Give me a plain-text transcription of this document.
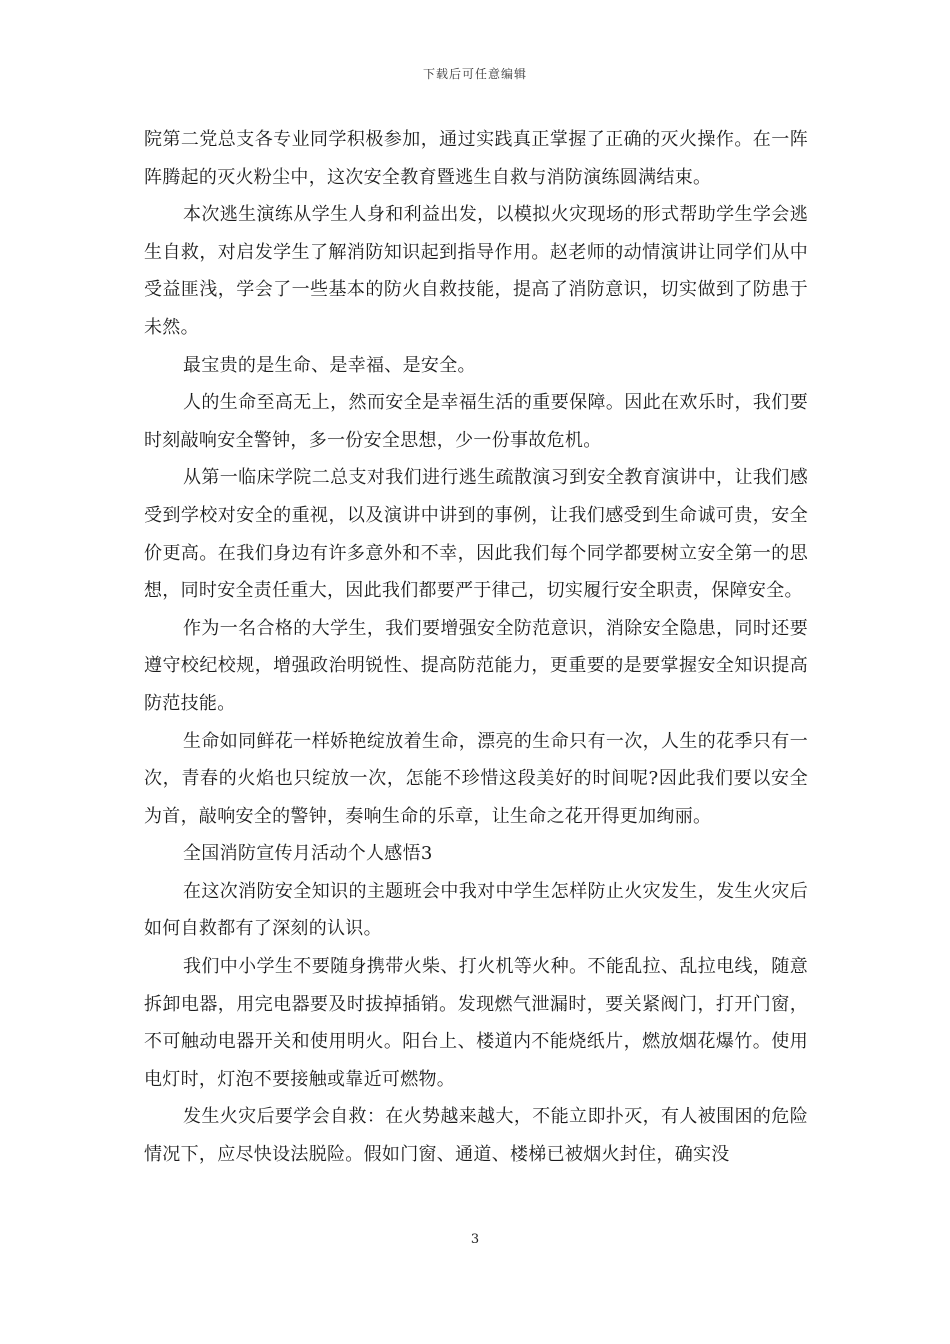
下载后可任意编辑

院第二党总支各专业同学积极参加，通过实践真正掌握了正确的灭火操作。在一阵阵腾起的灭火粉尘中，这次安全教育暨逃生自救与消防演练圆满结束。

本次逃生演练从学生人身和利益出发，以模拟火灾现场的形式帮助学生学会逃生自救，对启发学生了解消防知识起到指导作用。赵老师的动情演讲让同学们从中受益匪浅，学会了一些基本的防火自救技能，提高了消防意识，切实做到了防患于未然。

最宝贵的是生命、是幸福、是安全。

人的生命至高无上，然而安全是幸福生活的重要保障。因此在欢乐时，我们要时刻敲响安全警钟，多一份安全思想，少一份事故危机。

从第一临床学院二总支对我们进行逃生疏散演习到安全教育演讲中，让我们感受到学校对安全的重视，以及演讲中讲到的事例，让我们感受到生命诚可贵，安全价更高。在我们身边有许多意外和不幸，因此我们每个同学都要树立安全第一的思想，同时安全责任重大，因此我们都要严于律己，切实履行安全职责，保障安全。

作为一名合格的大学生，我们要增强安全防范意识，消除安全隐患，同时还要遵守校纪校规，增强政治明锐性、提高防范能力，更重要的是要掌握安全知识提高防范技能。

生命如同鲜花一样娇艳绽放着生命，漂亮的生命只有一次，人生的花季只有一次，青春的火焰也只绽放一次，怎能不珍惜这段美好的时间呢?因此我们要以安全为首，敲响安全的警钟，奏响生命的乐章，让生命之花开得更加绚丽。

全国消防宣传月活动个人感悟3

在这次消防安全知识的主题班会中我对中学生怎样防止火灾发生，发生火灾后如何自救都有了深刻的认识。

我们中小学生不要随身携带火柴、打火机等火种。不能乱拉、乱拉电线，随意拆卸电器，用完电器要及时拔掉插销。发现燃气泄漏时，要关紧阀门，打开门窗，不可触动电器开关和使用明火。阳台上、楼道内不能烧纸片，燃放烟花爆竹。使用电灯时，灯泡不要接触或靠近可燃物。

发生火灾后要学会自救：在火势越来越大，不能立即扑灭，有人被围困的危险情况下，应尽快设法脱险。假如门窗、通道、楼梯已被烟火封住，确实没

3
